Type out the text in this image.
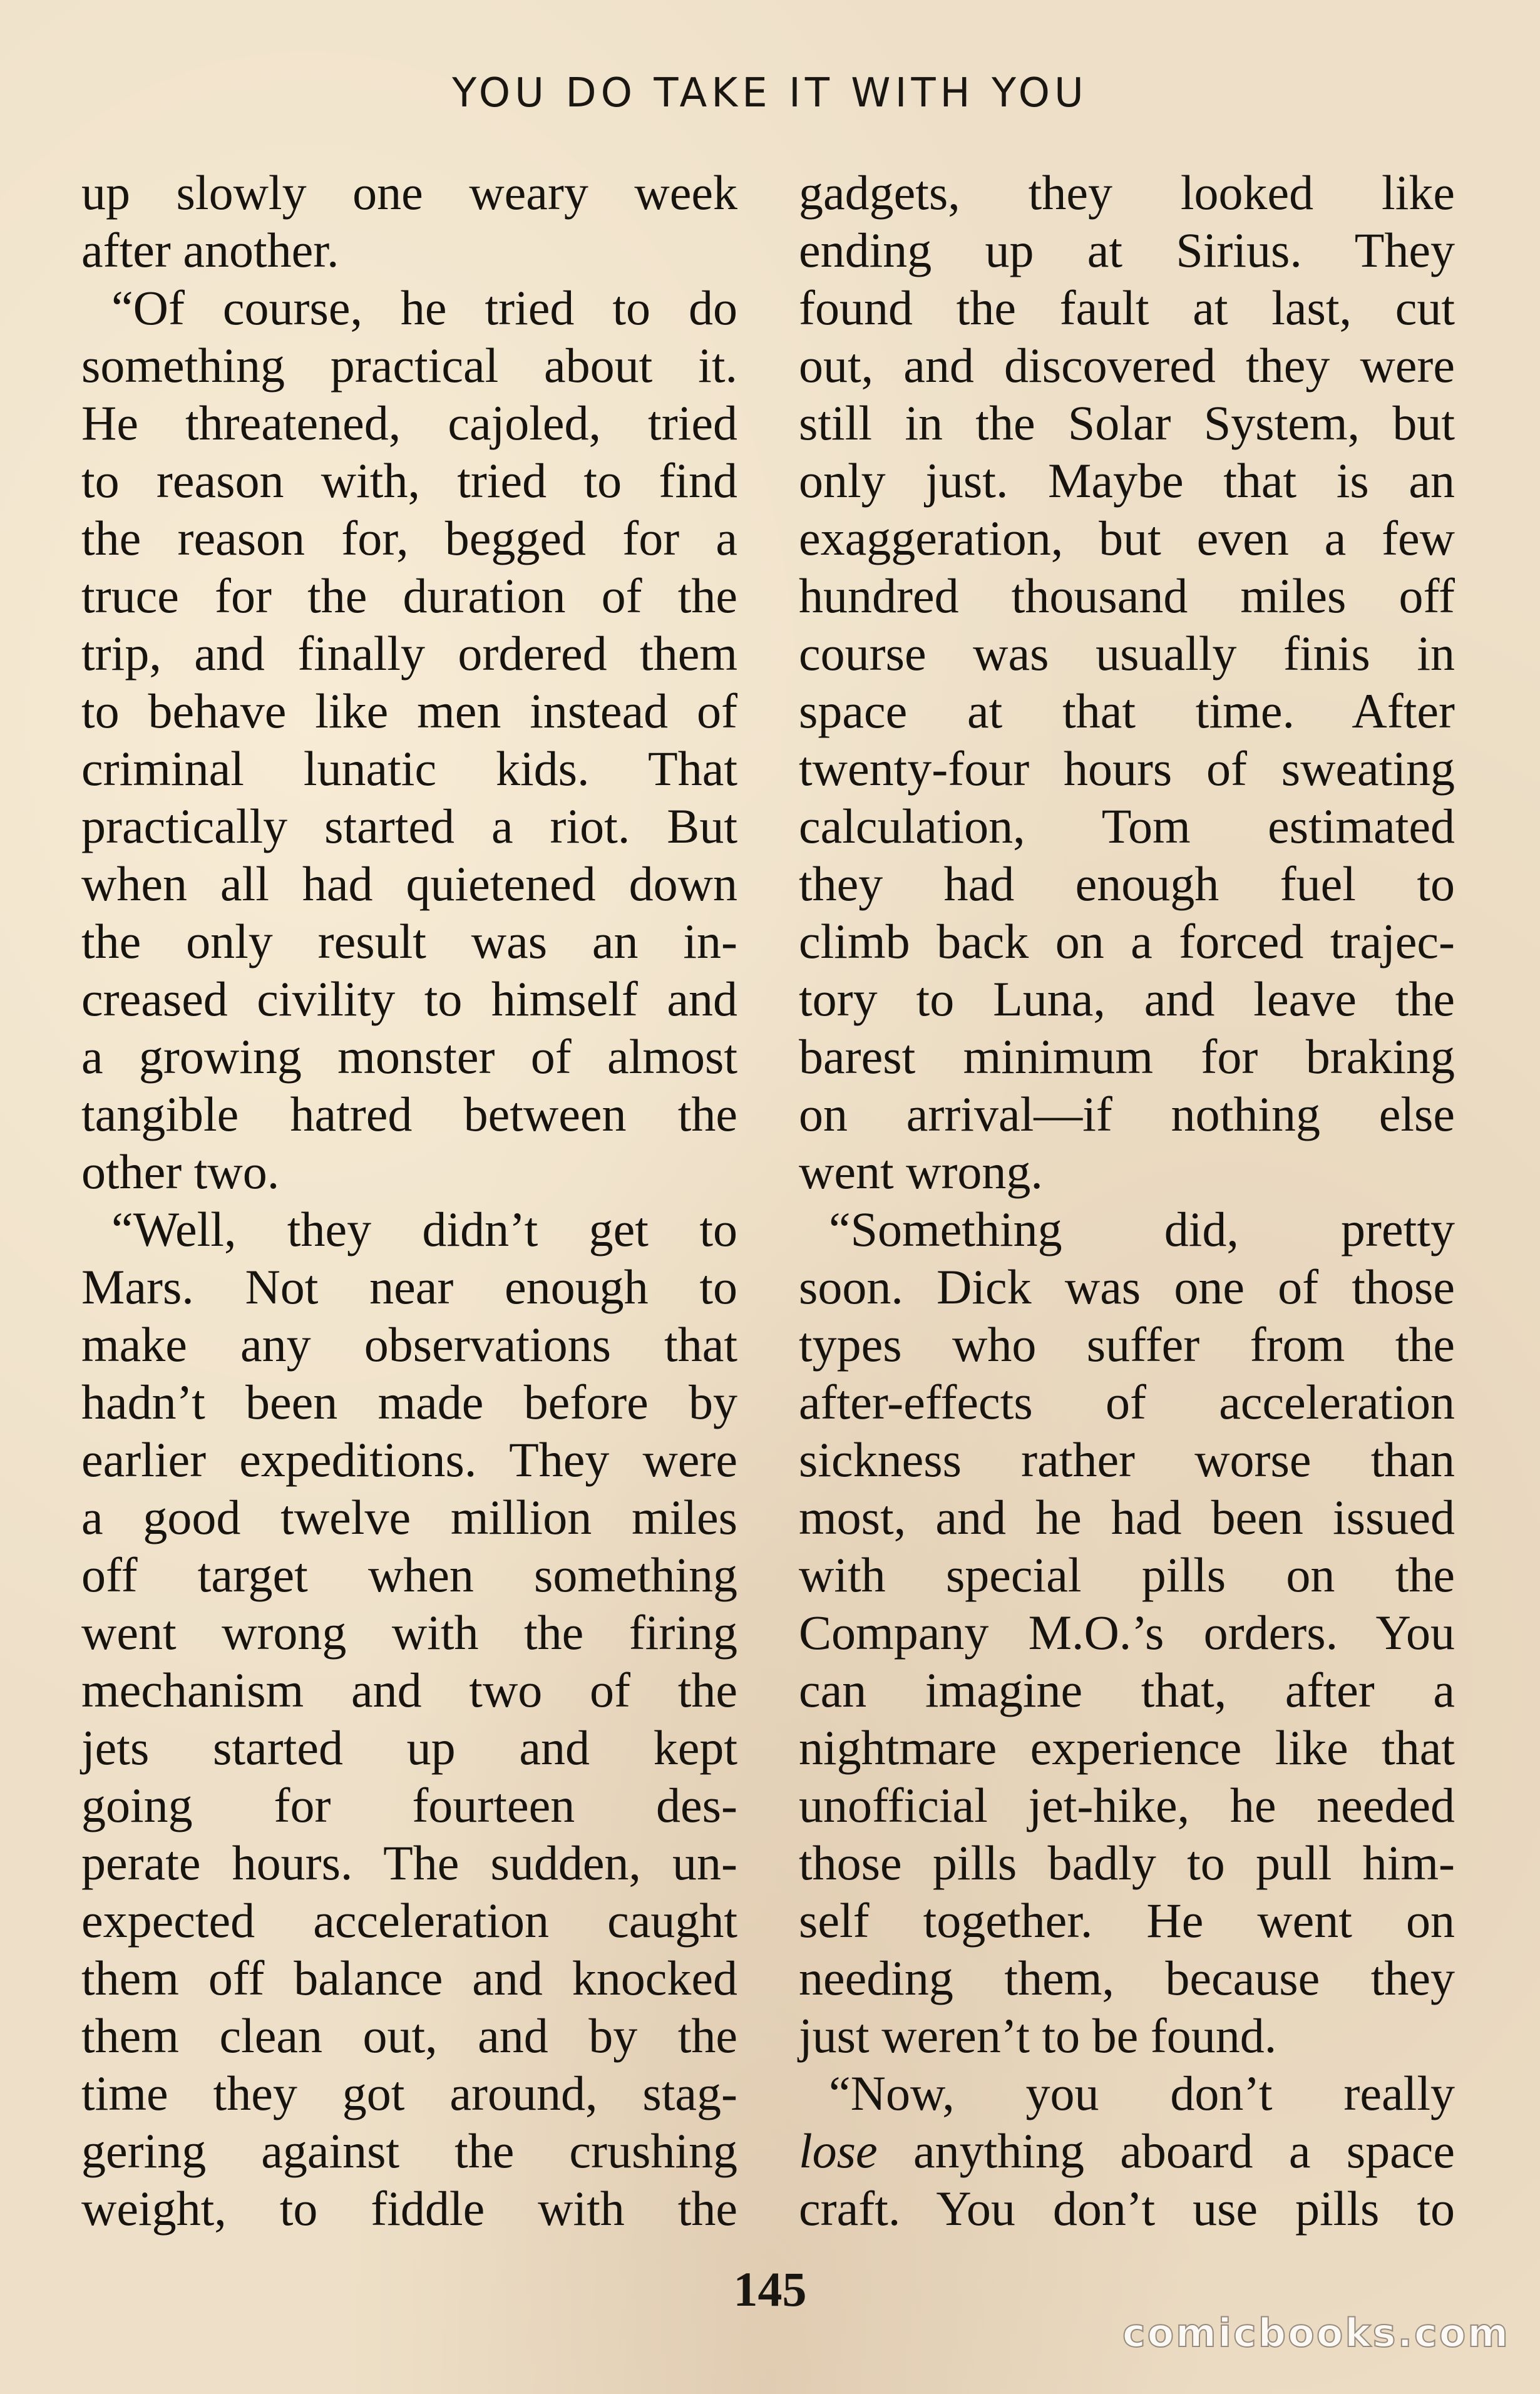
YOU DO TAKE IT WITH YOU
up slowly one weary week
after another.
“Of course, he tried to do
something practical about it.
He threatened, cajoled, tried
to reason with, tried to find
the reason for, begged for a
truce for the duration of the
trip, and finally ordered them
to behave like men instead of
criminal lunatic kids. That
practically started a riot. But
when all had quietened down
the only result was an in-
creased civility to himself and
a growing monster of almost
tangible hatred between the
other two.
“Well, they didn’t get to
Mars. Not near enough to
make any observations that
hadn’t been made before by
earlier expeditions. They were
a good twelve million miles
off target when something
went wrong with the firing
mechanism and two of the
jets started up and kept
going for fourteen des-
perate hours. The sudden, un-
expected acceleration caught
them off balance and knocked
them clean out, and by the
time they got around, stag-
gering against the crushing
weight, to fiddle with the
gadgets, they looked like
ending up at Sirius. They
found the fault at last, cut
out, and discovered they were
still in the Solar System, but
only just. Maybe that is an
exaggeration, but even a few
hundred thousand miles off
course was usually finis in
space at that time. After
twenty-four hours of sweating
calculation, Tom estimated
they had enough fuel to
climb back on a forced trajec-
tory to Luna, and leave the
barest minimum for braking
on arrival—if nothing else
went wrong.
“Something did, pretty
soon. Dick was one of those
types who suffer from the
after-effects of acceleration
sickness rather worse than
most, and he had been issued
with special pills on the
Company M.O.’s orders. You
can imagine that, after a
nightmare experience like that
unofficial jet-hike, he needed
those pills badly to pull him-
self together. He went on
needing them, because they
just weren’t to be found.
“Now, you don’t really
lose anything aboard a space
craft. You don’t use pills to
145
comicbooks.com
